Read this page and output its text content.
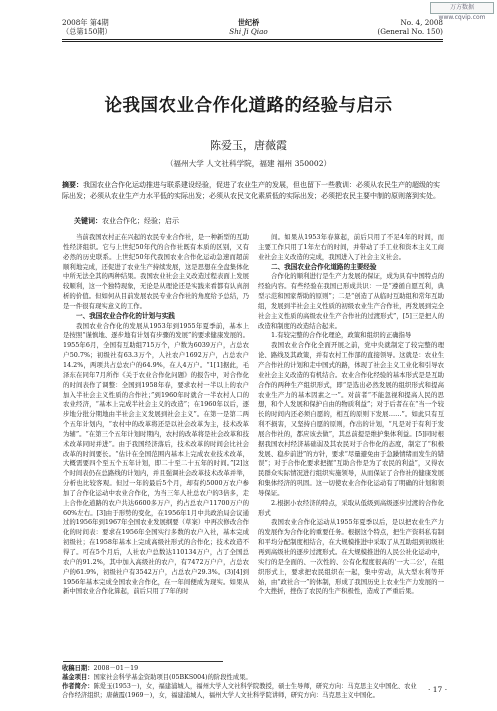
万方数据 www.cqvip.com
2008年 第4期
（总第150期）
世纪桥
Shi Ji Qiao
No. 4, 2008
(General No. 150)
论我国农业合作化道路的经验与启示
陈爱玉，唐薇霞
（福州大学 人文社科学院，福建 福州 350002）
摘要：我国农业合作化运动推进与联系建设经验，促进了农业生产的发展，但也留下一些教训：必须从农民生产的超级的实际出发；必须从农业生产力水平低的实际出发；必须从农民文化素质低的实际出发；必须把农民主要中制的原则落到实处。
关键词：农业合作化；经验；启示

当前我国农村正在兴起的农民专业合作社，是一种新型的互助性经济组织。它与上世纪50年代的合作社既有本质的区别，又有必然的历史联系。上世纪50年代我国农业合作化运动急速而超前顺利地完成，还促进了农业生产持续发展，这是思想在全盘集体化中所无法全其的两种结果。我国农业社会主义改造过程表面上发展较顺利，这一个独特现象，无论是从理论还是实践来看都有认真剖析的价值。但如何从目前发展农民专业合作社的角度给予总结，乃是一件很有现实意义的工作。

一、我国农业合作化的计划与实践

我国农业合作化的发展从1953年到1955年夏季前，基本上是按照“谨慎地、逐步地有计划有步骤的发展”的要求健康发展的。1955年6月，全国有互助组715万个，户数为6039万户，占总农户50.7%；初级社有63.3万个，人社农户1692万户，占总农户14.2%，两项共占总农户的64.9%，在人4万户。“1[1]据此，毛泽东在同年7月所作《关于农业合作化问题》的报告中，对合作化的时间表作了调整：全国到1958年春，要求农村一半以上的农户加入半社会主义性质的合作社；”到1960年时就合一半农村人口的农业经济，“基本上完成半社会主义的改造”；在1960年以后，逐步地分批分期地由半社会主义发展到社会主义”。在第一是第二两个五年计划内，“农村中的改革将还是以社会改革为主，技术改革为辅”。“在第三个五年计划时期内，农村的改革将是社会改革和技术改革同时并进”。由于我国经济落后，技术改革的时间会比社会改革的时间要长。“估计在全国范围内基本上完成农业技术改革，大概需要四个至五个五年计划，即二十至二十五年的时间。”[2]这个时间表仍在总路线的计划内，并且强调社会改革技术改革并举，分析也比较客观。但过一年的最后5个月，却有约5000万农户参加了合作化运动中农业合作化，为当三年人社总农户的3倍多，走上合作化道路的农户共达6600多万户，约占总农户11700万户的60%左右。[3]由于形势的变化，在1956年1月中共政治局会议通过的1956年到1967年全国农业发展纲要（草案）中再次修改合作化的时间表：要求在1956年全国实行多数的农户入社，基本完成初级社；在1958年基本上完成高级社形式的合作化；技术改造不得了。可在5个月后，人社农户总数达110134万户，占了全国总农户的91.2%，其中加入高级社的农户，有7472万户户，占总农户的61.9%，初级社户有3542万户，占总农户29.3%。(3)[4]到1956年基本完成全国农业合作化，在一年间便成为现实。如果从新中国农业合作化算起，前后只用了7年的时

间。如果从1953年春算起，前后只用了不足4年的时间，而主要工作只用了1年左右的时间，并带动了手工业和资本主义工商业社会主义改造的完成，我国进入了社会主义社会。

二、我国农业合作化道路的主要经验

合作化的顺利进行是生产力发展的保证，成为具有中国特点的经验内容。有些经验在我国已形成共识：一是“遵循自愿互利，典型示范和国家帮助的原则”；二是“创造了从临时互助组和常年互助组，发展到半社会主义性质的初级农业生产合作社，再发展到完全社会主义性质的高级农业生产合作社的过渡形式”，[5]三是把人的改造和制度的改造结合起来。

1.有较完整的合作化理论，政策和组织的正确指导

我国农业合作化全面开展之前，党中央就制定了较完整的理论、路线及其政策，并有农村工作部的直接领导。这就是：农业生产合作社的计划和走中国式的路，体现了社会主义工业化和引导农业社会主义改造的有机结合。农业合作化经验的基本形式是是互助合作的两种生产组织形式，即“是选出必然发展的组织形式和提高农业生产力的基本因素之一”。对前者“不能忽视和提高人民的思想，和个人发展和保护自由的物质利益”；对于后者在在“当一个较长的时间内还必须自愿的，相互的原则下发展……”。如此只有互利不损害，又坚持自愿的原则，作出的计划，“凡是对于有利于发展合作社的，都应该去做”，其总前提是维护集体利益。[5]同时根据我国农村经济基础弱及其农民对于合作化的态度，制定了“积极发展、稳步前进”的方针，要求“尽量避免由于急躁情绪而发生的错误”；对于合作化要求把握“互助合作是为了农民的利益”，又得农民群众实际情况进行组织实施领导，从而保证了合作社的健康发展和集体经济的巩固。这一切使农业合作化运动有了明确的计划和领导保证。

2.根据小农经济的特点，采取从低级到高级逐步过渡的合作化形式

我国农业合作化运动从1955年夏季以后，是以把农业生产力的发展作为合作化的重要任务。根据这个特点，把生产资料私有制和平均分配制度相结合，在大规模推进中采取了从互助组到初级社再到高级社的逐步过渡形式。在大规模推进的人民公社化运动中，实行的是全面的、一次性的、公有化程度很高的‘一大二公’，在组织形式上，要求把农民组织在一起，集中劳动，从大型水利等开始，由“政社合一”的体制，形成了我国历史上农业生产力发展的一个大挫折，挫伤了农民的生产积极性，造成了严重后果。

收稿日期：2008－01－19
基金项目：国家社会科学基金资助项目(05BKS004)的阶段性成果。
作者简介：陈爱玉(1953－)，女，福建浦城人，福州大学人文社科学院教授，硕士生导师，研究方向：马克思主义中国化、农业合作经济组织；唐薇霞(1969－)，女，福建浦城人，福州大学人文社科学院讲师，研究方向：马克思主义中国化。
· 17 ·
